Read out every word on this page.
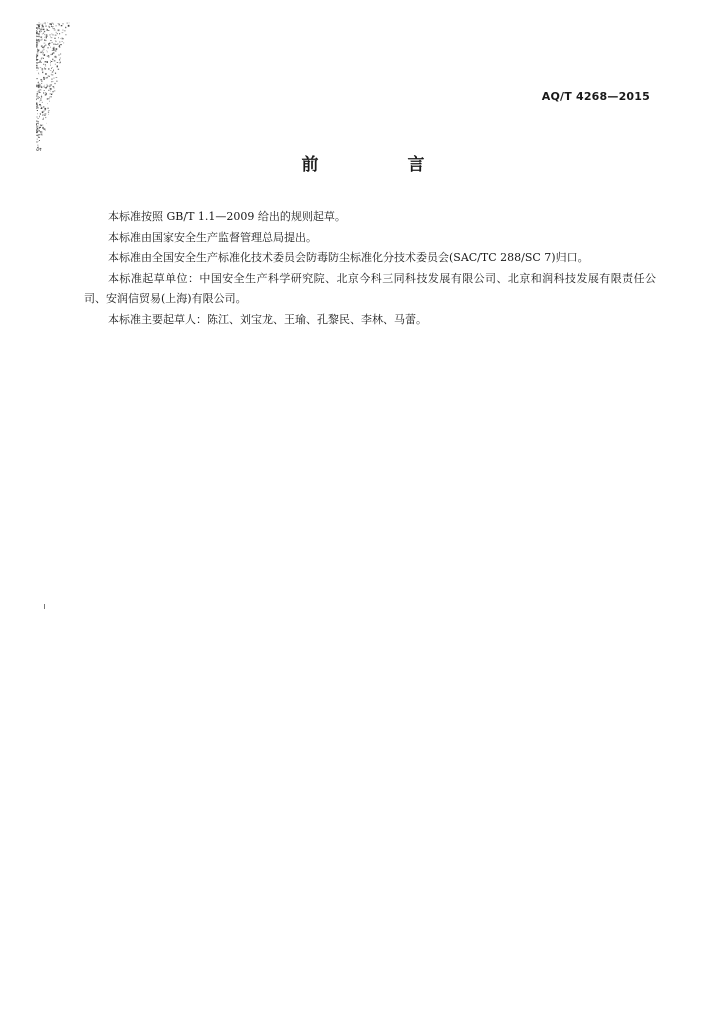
AQ/T 4268—2015
前　言

本标准按照 GB/T 1.1—2009 给出的规则起草。

本标准由国家安全生产监督管理总局提出。

本标准由全国安全生产标准化技术委员会防毒防尘标准化分技术委员会(SAC/TC 288/SC 7)归口。

本标准起草单位：中国安全生产科学研究院、北京今科三同科技发展有限公司、北京和润科技发展有限责任公司、安润信贸易(上海)有限公司。

本标准主要起草人：陈江、刘宝龙、王瑜、孔黎民、李林、马蕾。
